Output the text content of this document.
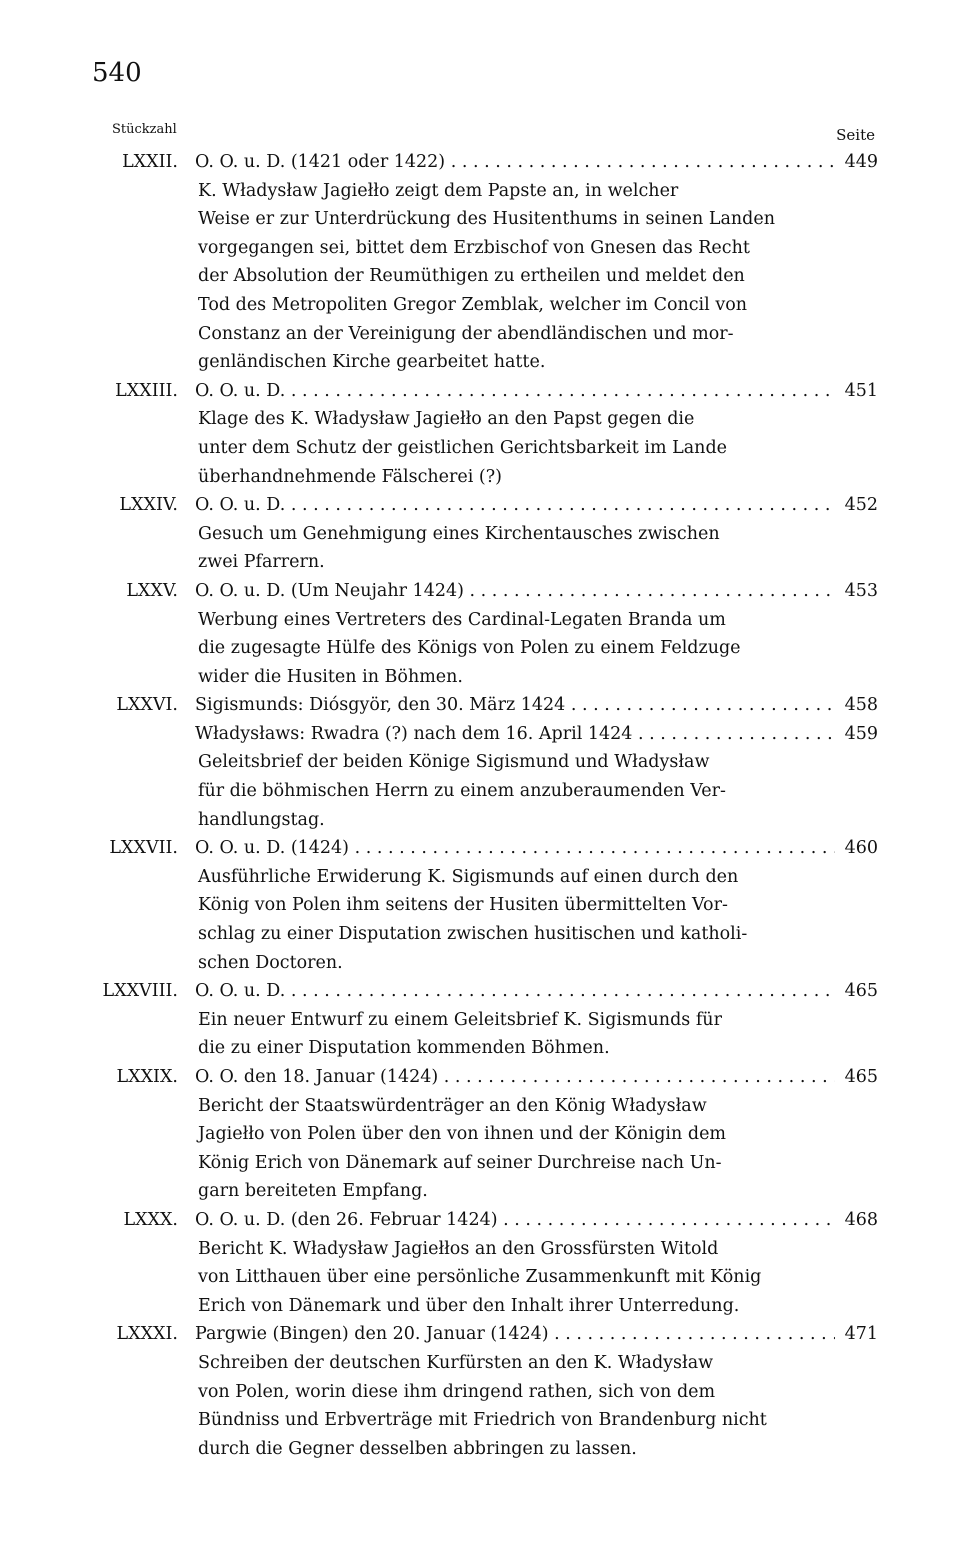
540
Stückzahl	Seite
LXXII. O. O. u. D. (1421 oder 1422) . . .	449
K. Władysław Jagiełło zeigt dem Papste an, in welcher
Weise er zur Unterdrückung des Husitenthums in seinen Landen
vorgegangen sei, bittet dem Erzbischof von Gnesen das Recht
der Absolution der Reumüthigen zu ertheilen und meldet den
Tod des Metropoliten Gregor Zemblak, welcher im Concil von
Constanz an der Vereinigung der abendländischen und mor-
genländischen Kirche gearbeitet hatte.
LXXIII. O. O. u. D. . . .	451
Klage des K. Władysław Jagiełło an den Papst gegen die
unter dem Schutz der geistlichen Gerichtsbarkeit im Lande
überhandnehmende Fälscherei (?)
LXXIV. O. O. u. D. . . .	452
Gesuch um Genehmigung eines Kirchentausches zwischen
zwei Pfarrern.
LXXV. O. O. u. D. (Um Neujahr 1424) . . .	453
Werbung eines Vertreters des Cardinal-Legaten Branda um
die zugesagte Hülfe des Königs von Polen zu einem Feldzuge
wider die Husiten in Böhmen.
LXXVI. Sigismunds: Diósgyör, den 30. März 1424 . . .	458
Władysławs: Rwadra (?) nach dem 16. April 1424 . . .	459
Geleitsbrief der beiden Könige Sigismund und Władysław
für die böhmischen Herrn zu einem anzuberaumenden Ver-
handlungstag.
LXXVII. O. O. u. D. (1424) . . .	460
Ausführliche Erwiderung K. Sigismunds auf einen durch den
König von Polen ihm seitens der Husiten übermittelten Vor-
schlag zu einer Disputation zwischen husitischen und katholi-
schen Doctoren.
LXXVIII. O. O. u. D. . . .	465
Ein neuer Entwurf zu einem Geleitsbrief K. Sigismunds für
die zu einer Disputation kommenden Böhmen.
LXXIX. O. O. den 18. Januar (1424) . . .	465
Bericht der Staatswürdenträger an den König Władysław
Jagiełło von Polen über den von ihnen und der Königin dem
König Erich von Dänemark auf seiner Durchreise nach Un-
garn bereiteten Empfang.
LXXX. O. O. u. D. (den 26. Februar 1424) . . .	468
Bericht K. Władysław Jagiełłos an den Grossfürsten Witold
von Litthauen über eine persönliche Zusammenkunft mit König
Erich von Dänemark und über den Inhalt ihrer Unterredung.
LXXXI. Pargwie (Bingen) den 20. Januar (1424) . . .	471
Schreiben der deutschen Kurfürsten an den K. Władysław
von Polen, worin diese ihm dringend rathen, sich von dem
Bündniss und Erbverträge mit Friedrich von Brandenburg nicht
durch die Gegner desselben abbringen zu lassen.
